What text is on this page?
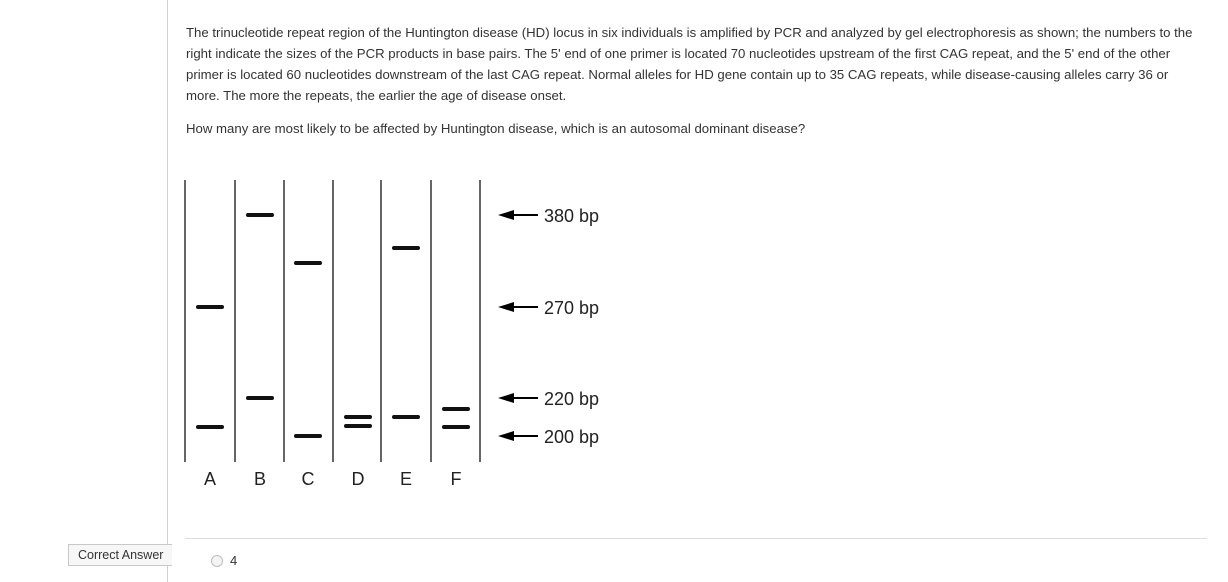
The trinucleotide repeat region of the Huntington disease (HD) locus in six individuals is amplified by PCR and analyzed by gel electrophoresis as shown; the numbers to the right indicate the sizes of the PCR products in base pairs. The 5' end of one primer is located 70 nucleotides upstream of the first CAG repeat, and the 5' end of the other primer is located 60 nucleotides downstream of the last CAG repeat. Normal alleles for HD gene contain up to 35 CAG repeats, while disease-causing alleles carry 36 or more. The more the repeats, the earlier the age of disease onset.
How many are most likely to be affected by Huntington disease, which is an autosomal dominant disease?
380 bp
270 bp
220 bp
200 bp
A B C D E F
Correct Answer	4
